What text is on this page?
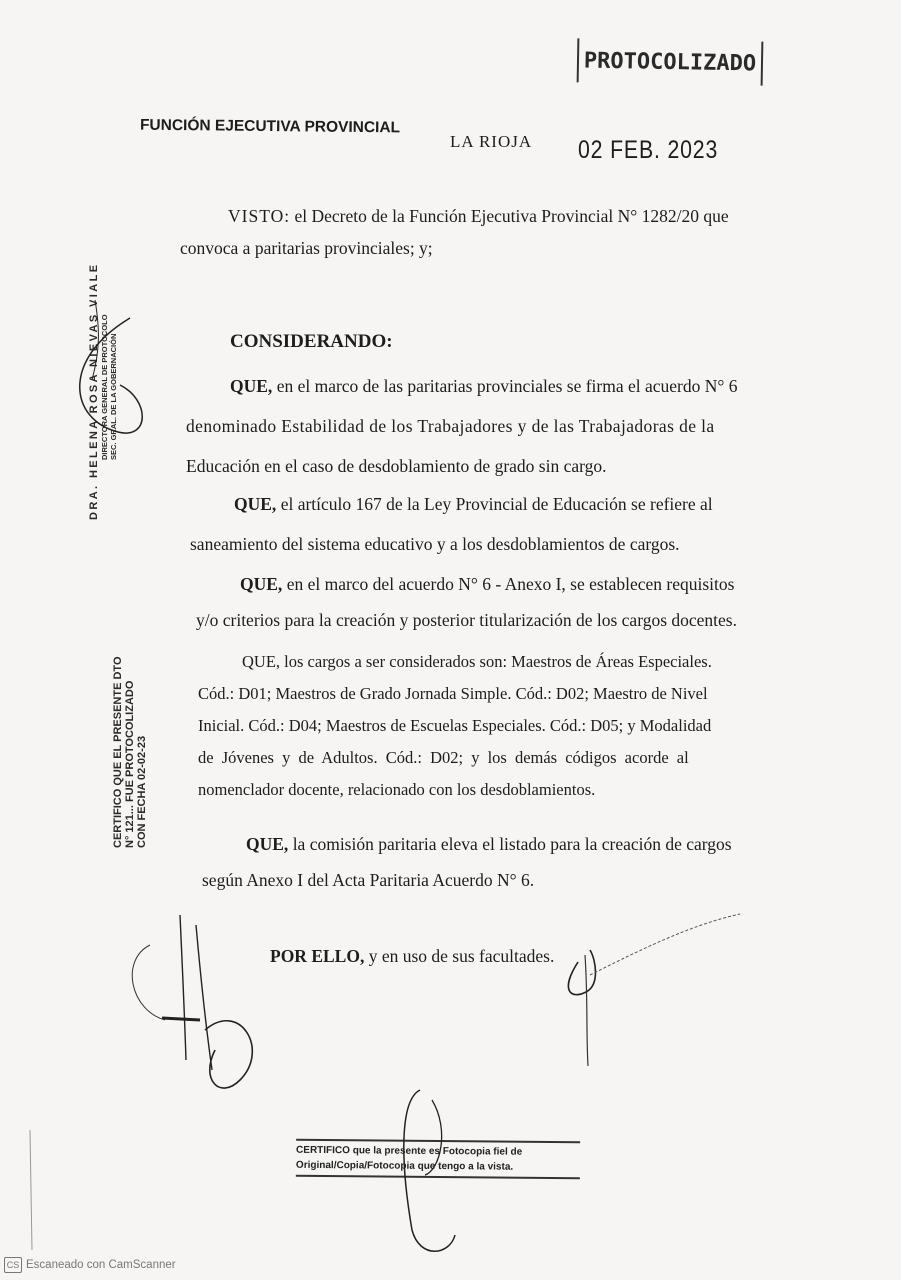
PROTOCOLIZADO
FUNCIÓN EJECUTIVA PROVINCIAL
LA RIOJA 02 FEB. 2023
VISTO: el Decreto de la Función Ejecutiva Provincial N° 1282/20 que
convoca a paritarias provinciales; y;
CONSIDERANDO:
QUE, en el marco de las paritarias provinciales se firma el acuerdo N° 6
denominado Estabilidad de los Trabajadores y de las Trabajadoras de la
Educación en el caso de desdoblamiento de grado sin cargo.
QUE, el artículo 167 de la Ley Provincial de Educación se refiere al
saneamiento del sistema educativo y a los desdoblamientos de cargos.
QUE, en el marco del acuerdo N° 6 - Anexo I, se establecen requisitos
y/o criterios para la creación y posterior titularización de los cargos docentes.
QUE, los cargos a ser considerados son: Maestros de Áreas Especiales.
Cód.: D01; Maestros de Grado Jornada Simple. Cód.: D02; Maestro de Nivel
Inicial. Cód.: D04; Maestros de Escuelas Especiales. Cód.: D05; y Modalidad
de Jóvenes y de Adultos. Cód.: D02; y los demás códigos acorde al
nomenclador docente, relacionado con los desdoblamientos.
QUE, la comisión paritaria eleva el listado para la creación de cargos
según Anexo I del Acta Paritaria Acuerdo N° 6.
POR ELLO, y en uso de sus facultades.
DRA. HELENA ROSA NIEVAS VIALE DIRECTORA GENERAL DE PROTOCOLO SEC. GRAL. DE LA GOBERNACIÓN
CERTIFICO QUE EL PRESENTE DTO N° 121... FUE PROTOCOLIZADO CON FECHA 02-02-23
CERTIFICO que la presente es Fotocopia fiel de
Original/Copia/Fotocopia que tengo a la vista.
CS Escaneado con CamScanner
